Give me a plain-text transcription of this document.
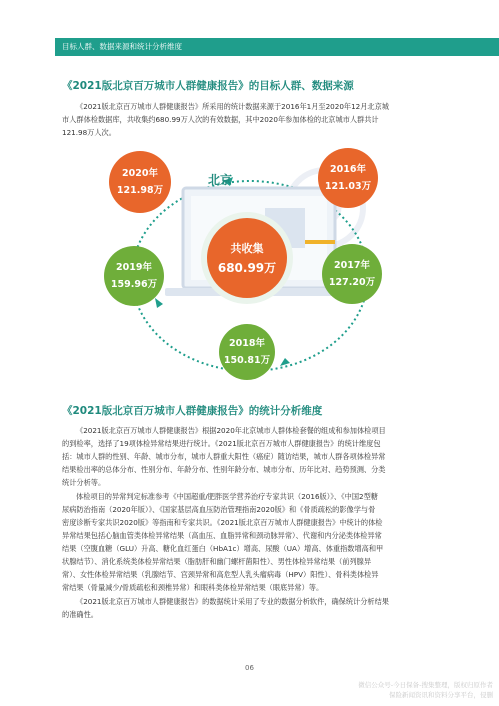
目标人群、数据来源和统计分析维度
《2021版北京百万城市人群健康报告》的目标人群、数据来源
《2021版北京百万城市人群健康报告》所采用的统计数据来源于2016年1月至2020年12月北京城
市人群体检数据库，共收集约680.99万人次的有效数据，其中2020年参加体检的北京城市人群共计
121.98万人次。
北京
共收集
680.99万
2020年
121.98万
2016年
121.03万
2019年
159.96万
2017年
127.20万
2018年
150.81万
《2021版北京百万城市人群健康报告》的统计分析维度
《2021版北京百万城市人群健康报告》根据2020年北京城市人群体检套餐的组成和参加体检项目
的到检率，选择了19项体检异常结果进行统计。《2021版北京百万城市人群健康报告》的统计维度包
括：城市人群的性别、年龄、城市分布，城市人群重大阳性（癌症）随访结果，城市人群各项体检异常
结果检出率的总体分布、性别分布、年龄分布、性别年龄分布、城市分布、历年比对、趋势预测、分类
统计分析等。
体检项目的异常判定标准参考《中国超重/肥胖医学营养治疗专家共识（2016版）》、《中国2型糖
尿病防治指南（2020年版）》、《国家基层高血压防治管理指南2020版》和《骨质疏松的影像学与骨
密度诊断专家共识2020版》等指南和专家共识。《2021版北京百万城市人群健康报告》中统计的体检
异常结果包括心脑血管类体检异常结果（高血压、血脂异常和颈动脉异常）、代谢和内分泌类体检异常
结果（空腹血糖（GLU）升高、糖化血红蛋白（HbA1c）增高、尿酸（UA）增高、体重指数增高和甲
状腺结节）、消化系统类体检异常结果（脂肪肝和幽门螺杆菌阳性）、男性体检异常结果（前列腺异
常）、女性体检异常结果（乳腺结节、宫颈异常和高危型人乳头瘤病毒（HPV）阳性）、骨科类体检异
常结果（骨量减少/骨质疏松和颈椎异常）和眼科类体检异常结果（眼底异常）等。
《2021版北京百万城市人群健康报告》的数据统计采用了专业的数据分析软件，确保统计分析结果
的准确性。
06
微信公众号-今日保备-搜集整理，版权归原作者
保险新闻资讯和资料分享平台，侵删
